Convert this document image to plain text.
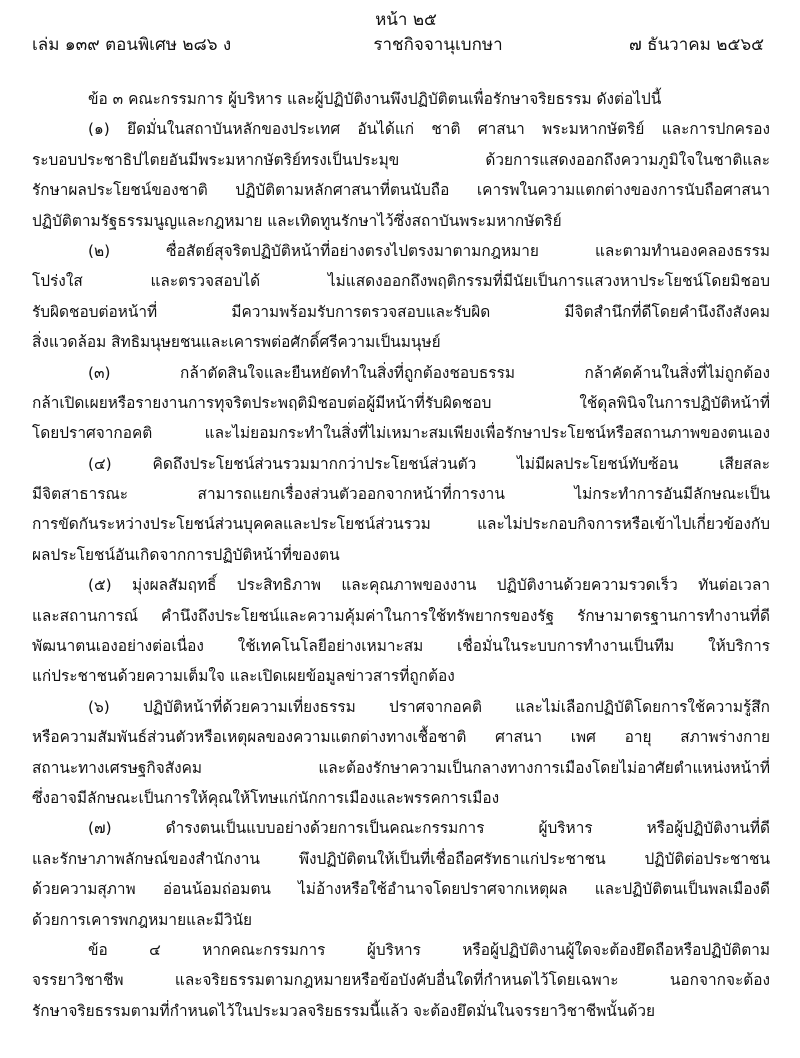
หน้า ๒๕
เล่ม ๑๓๙ ตอนพิเศษ ๒๘๖ ง	ราชกิจจานุเบกษา	๗ ธันวาคม ๒๕๖๕

ข้อ ๓ คณะกรรมการ ผู้บริหาร และผู้ปฏิบัติงานพึงปฏิบัติตนเพื่อรักษาจริยธรรม ดังต่อไปนี้

(๑) ยึดมั่นในสถาบันหลักของประเทศ อันได้แก่ ชาติ ศาสนา พระมหากษัตริย์ และการปกครอง
ระบอบประชาธิปไตยอันมีพระมหากษัตริย์ทรงเป็นประมุข ด้วยการแสดงออกถึงความภูมิใจในชาติและ
รักษาผลประโยชน์ของชาติ ปฏิบัติตามหลักศาสนาที่ตนนับถือ เคารพในความแตกต่างของการนับถือศาสนา
ปฏิบัติตามรัฐธรรมนูญและกฎหมาย และเทิดทูนรักษาไว้ซึ่งสถาบันพระมหากษัตริย์

(๒) ซื่อสัตย์สุจริตปฏิบัติหน้าที่อย่างตรงไปตรงมาตามกฎหมาย และตามทำนองคลองธรรม
โปร่งใส และตรวจสอบได้ ไม่แสดงออกถึงพฤติกรรมที่มีนัยเป็นการแสวงหาประโยชน์โดยมิชอบ
รับผิดชอบต่อหน้าที่ มีความพร้อมรับการตรวจสอบและรับผิด มีจิตสำนึกที่ดีโดยคำนึงถึงสังคม
สิ่งแวดล้อม สิทธิมนุษยชนและเคารพต่อศักดิ์ศรีความเป็นมนุษย์

(๓) กล้าตัดสินใจและยืนหยัดทำในสิ่งที่ถูกต้องชอบธรรม กล้าคัดค้านในสิ่งที่ไม่ถูกต้อง
กล้าเปิดเผยหรือรายงานการทุจริตประพฤติมิชอบต่อผู้มีหน้าที่รับผิดชอบ ใช้ดุลพินิจในการปฏิบัติหน้าที่
โดยปราศจากอคติ และไม่ยอมกระทำในสิ่งที่ไม่เหมาะสมเพียงเพื่อรักษาประโยชน์หรือสถานภาพของตนเอง

(๔) คิดถึงประโยชน์ส่วนรวมมากกว่าประโยชน์ส่วนตัว ไม่มีผลประโยชน์ทับซ้อน เสียสละ
มีจิตสาธารณะ สามารถแยกเรื่องส่วนตัวออกจากหน้าที่การงาน ไม่กระทำการอันมีลักษณะเป็น
การขัดกันระหว่างประโยชน์ส่วนบุคคลและประโยชน์ส่วนรวม และไม่ประกอบกิจการหรือเข้าไปเกี่ยวข้องกับ
ผลประโยชน์อันเกิดจากการปฏิบัติหน้าที่ของตน

(๕) มุ่งผลสัมฤทธิ์ ประสิทธิภาพ และคุณภาพของงาน ปฏิบัติงานด้วยความรวดเร็ว ทันต่อเวลา
และสถานการณ์ คำนึงถึงประโยชน์และความคุ้มค่าในการใช้ทรัพยากรของรัฐ รักษามาตรฐานการทำงานที่ดี
พัฒนาตนเองอย่างต่อเนื่อง ใช้เทคโนโลยีอย่างเหมาะสม เชื่อมั่นในระบบการทำงานเป็นทีม ให้บริการ
แก่ประชาชนด้วยความเต็มใจ และเปิดเผยข้อมูลข่าวสารที่ถูกต้อง

(๖) ปฏิบัติหน้าที่ด้วยความเที่ยงธรรม ปราศจากอคติ และไม่เลือกปฏิบัติโดยการใช้ความรู้สึก
หรือความสัมพันธ์ส่วนตัวหรือเหตุผลของความแตกต่างทางเชื้อชาติ ศาสนา เพศ อายุ สภาพร่างกาย
สถานะทางเศรษฐกิจสังคม และต้องรักษาความเป็นกลางทางการเมืองโดยไม่อาศัยตำแหน่งหน้าที่
ซึ่งอาจมีลักษณะเป็นการให้คุณให้โทษแก่นักการเมืองและพรรคการเมือง

(๗) ดำรงตนเป็นแบบอย่างด้วยการเป็นคณะกรรมการ ผู้บริหาร หรือผู้ปฏิบัติงานที่ดี
และรักษาภาพลักษณ์ของสำนักงาน พึงปฏิบัติตนให้เป็นที่เชื่อถือศรัทธาแก่ประชาชน ปฏิบัติต่อประชาชน
ด้วยความสุภาพ อ่อนน้อมถ่อมตน ไม่อ้างหรือใช้อำนาจโดยปราศจากเหตุผล และปฏิบัติตนเป็นพลเมืองดี
ด้วยการเคารพกฎหมายและมีวินัย

ข้อ ๔ หากคณะกรรมการ ผู้บริหาร หรือผู้ปฏิบัติงานผู้ใดจะต้องยึดถือหรือปฏิบัติตาม
จรรยาวิชาชีพ และจริยธรรมตามกฎหมายหรือข้อบังคับอื่นใดที่กำหนดไว้โดยเฉพาะ นอกจากจะต้อง
รักษาจริยธรรมตามที่กำหนดไว้ในประมวลจริยธรรมนี้แล้ว จะต้องยึดมั่นในจรรยาวิชาชีพนั้นด้วย
